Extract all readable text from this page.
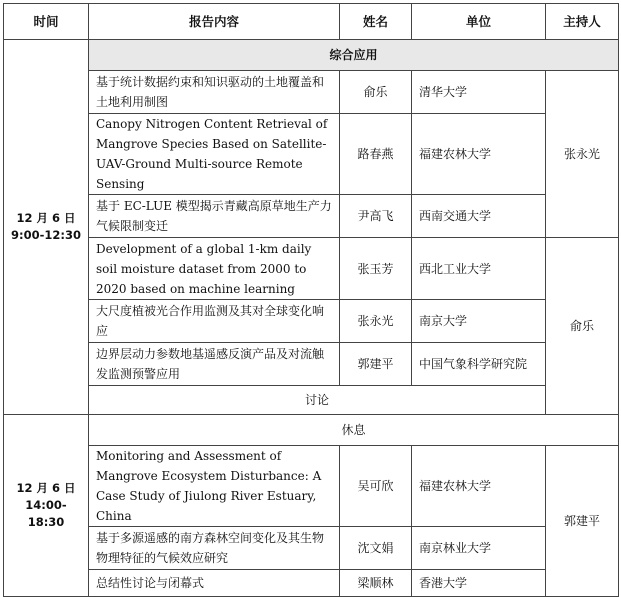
时间	报告内容	姓名	单位	主持人

12 月 6 日
9:00-12:30	综合应用			
	基于统计数据约束和知识驱动的土地覆盖和土地利用制图	俞乐	清华大学	张永光
	Canopy Nitrogen Content Retrieval of Mangrove Species Based on Satellite-UAV-Ground Multi-source Remote Sensing	路春燕	福建农林大学	
	基于 EC-LUE 模型揭示青藏高原草地生产力气候限制变迁	尹高飞	西南交通大学	
	Development of a global 1-km daily soil moisture dataset from 2000 to 2020 based on machine learning	张玉芳	西北工业大学	俞乐
	大尺度植被光合作用监测及其对全球变化响应	张永光	南京大学	
	边界层动力参数地基遥感反演产品及对流触发监测预警应用	郭建平	中国气象科学研究院	
	讨论			

12 月 6 日
14:00-18:30	休息			
	Monitoring and Assessment of Mangrove Ecosystem Disturbance: A Case Study of Jiulong River Estuary, China	吴可欣	福建农林大学	郭建平
	基于多源遥感的南方森林空间变化及其生物物理特征的气候效应研究	沈文娟	南京林业大学	
	总结性讨论与闭幕式	梁顺林	香港大学	
